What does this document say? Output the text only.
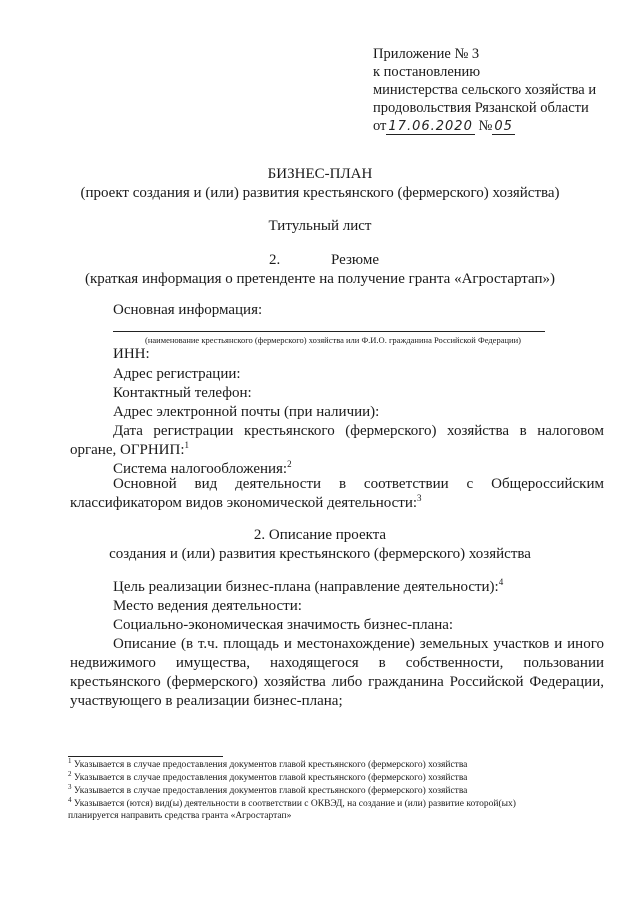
Приложение № 3
к постановлению
министерства сельского хозяйства и
продовольствия Рязанской области
от 17.06.2020 № 05
БИЗНЕС-ПЛАН
(проект создания и (или) развития крестьянского (фермерского) хозяйства)
Титульный лист
2.	Резюме
(краткая информация о претенденте на получение гранта «Агростартап»)
Основная информация:
(наименование крестьянского (фермерского) хозяйства или Ф.И.О. гражданина Российской Федерации)
ИНН:
Адрес регистрации:
Контактный телефон:
Адрес электронной почты (при наличии):
Дата регистрации крестьянского (фермерского) хозяйства в налоговом
органе, ОГРНИП:$^1$
Система налогообложения:$^2$
Основной вид деятельности в соответствии с Общероссийским
классификатором видов экономической деятельности:$^3$
2. Описание проекта
создания и (или) развития крестьянского (фермерского) хозяйства
Цель реализации бизнес-плана (направление деятельности):$^4$
Место ведения деятельности:
Социально-экономическая значимость бизнес-плана:
Описание (в т.ч. площадь и местонахождение) земельных участков и иного
недвижимого имущества, находящегося в собственности, пользовании
крестьянского (фермерского) хозяйства либо гражданина Российской Федерации,
участвующего в реализации бизнес-плана;
$^1$ Указывается в случае предоставления документов главой крестьянского (фермерского) хозяйства
$^2$ Указывается в случае предоставления документов главой крестьянского (фермерского) хозяйства
$^3$ Указывается в случае предоставления документов главой крестьянского (фермерского) хозяйства
$^4$ Указывается (ются) вид(ы) деятельности в соответствии с ОКВЭД, на создание и (или) развитие которой(ых)
планируется направить средства гранта «Агростартап»
